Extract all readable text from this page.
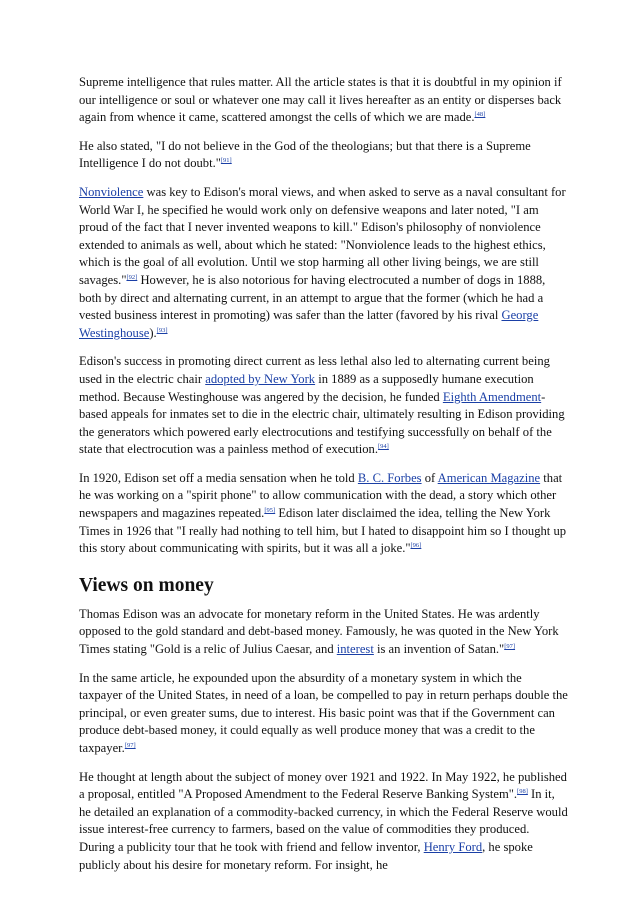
Supreme intelligence that rules matter. All the article states is that it is doubtful in my opinion if our intelligence or soul or whatever one may call it lives hereafter as an entity or disperses back again from whence it came, scattered amongst the cells of which we are made.[48]

He also stated, "I do not believe in the God of the theologians; but that there is a Supreme Intelligence I do not doubt."[91]

Nonviolence was key to Edison's moral views, and when asked to serve as a naval consultant for World War I, he specified he would work only on defensive weapons and later noted, "I am proud of the fact that I never invented weapons to kill." Edison's philosophy of nonviolence extended to animals as well, about which he stated: "Nonviolence leads to the highest ethics, which is the goal of all evolution. Until we stop harming all other living beings, we are still savages."[92] However, he is also notorious for having electrocuted a number of dogs in 1888, both by direct and alternating current, in an attempt to argue that the former (which he had a vested business interest in promoting) was safer than the latter (favored by his rival George Westinghouse).[93]

Edison's success in promoting direct current as less lethal also led to alternating current being used in the electric chair adopted by New York in 1889 as a supposedly humane execution method. Because Westinghouse was angered by the decision, he funded Eighth Amendment-based appeals for inmates set to die in the electric chair, ultimately resulting in Edison providing the generators which powered early electrocutions and testifying successfully on behalf of the state that electrocution was a painless method of execution.[94]

In 1920, Edison set off a media sensation when he told B. C. Forbes of American Magazine that he was working on a "spirit phone" to allow communication with the dead, a story which other newspapers and magazines repeated.[95] Edison later disclaimed the idea, telling the New York Times in 1926 that "I really had nothing to tell him, but I hated to disappoint him so I thought up this story about communicating with spirits, but it was all a joke."[96]

Views on money

Thomas Edison was an advocate for monetary reform in the United States. He was ardently opposed to the gold standard and debt-based money. Famously, he was quoted in the New York Times stating "Gold is a relic of Julius Caesar, and interest is an invention of Satan."[97]

In the same article, he expounded upon the absurdity of a monetary system in which the taxpayer of the United States, in need of a loan, be compelled to pay in return perhaps double the principal, or even greater sums, due to interest. His basic point was that if the Government can produce debt-based money, it could equally as well produce money that was a credit to the taxpayer.[97]

He thought at length about the subject of money over 1921 and 1922. In May 1922, he published a proposal, entitled "A Proposed Amendment to the Federal Reserve Banking System".[98] In it, he detailed an explanation of a commodity-backed currency, in which the Federal Reserve would issue interest-free currency to farmers, based on the value of commodities they produced. During a publicity tour that he took with friend and fellow inventor, Henry Ford, he spoke publicly about his desire for monetary reform. For insight, he
